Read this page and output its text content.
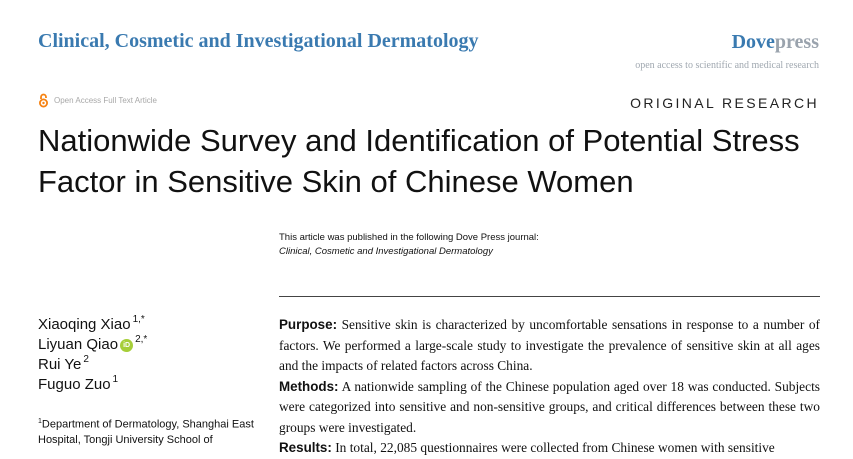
Clinical, Cosmetic and Investigational Dermatology	Dovepress
open access to scientific and medical research
Open Access Full Text Article	ORIGINAL RESEARCH
Nationwide Survey and Identification of Potential Stress Factor in Sensitive Skin of Chinese Women
This article was published in the following Dove Press journal:
Clinical, Cosmetic and Investigational Dermatology
Xiaoqing Xiao$^{1,*}$
Liyuan Qiao iD $^{2,*}$
Rui Ye$^2$
Fuguo Zuo$^1$
$^1$Department of Dermatology, Shanghai East Hospital, Tongji University School of

Purpose: Sensitive skin is characterized by uncomfortable sensations in response to a number of factors. We performed a large-scale study to investigate the prevalence of sensitive skin at all ages and the impacts of related factors across China.

Methods: A nationwide sampling of the Chinese population aged over 18 was conducted. Subjects were categorized into sensitive and non-sensitive groups, and critical differences between these two groups were investigated.

Results: In total, 22,085 questionnaires were collected from Chinese women with sensitive
